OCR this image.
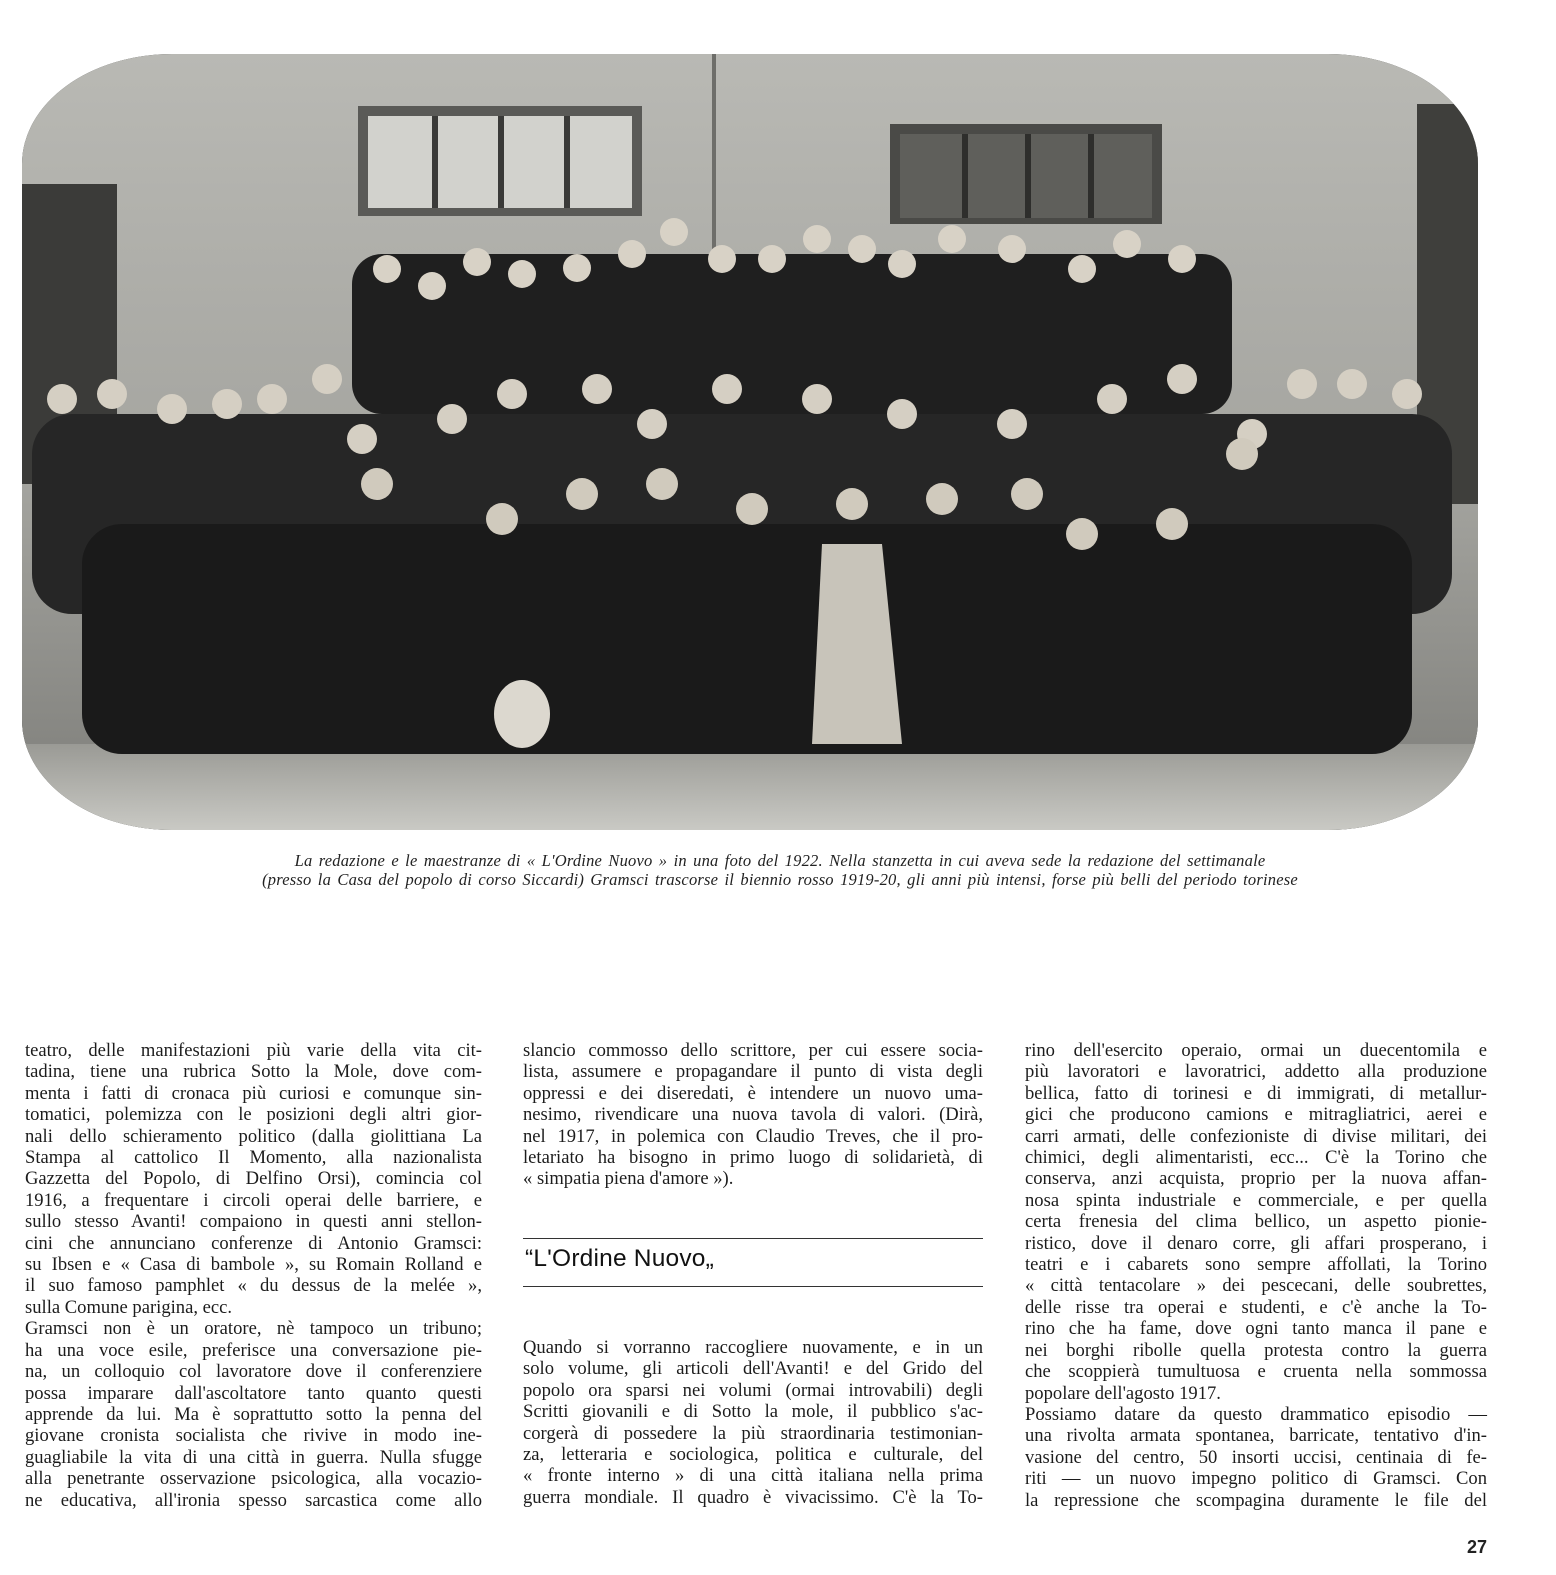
La redazione e le maestranze di « L'Ordine Nuovo » in una foto del 1922. Nella stanzetta in cui aveva sede la redazione del settimanale
(presso la Casa del popolo di corso Siccardi) Gramsci trascorse il biennio rosso 1919-20, gli anni più intensi, forse più belli del periodo torinese

teatro, delle manifestazioni più varie della vita cit-

tadina, tiene una rubrica Sotto la Mole, dove com-

menta i fatti di cronaca più curiosi e comunque sin-

tomatici, polemizza con le posizioni degli altri gior-

nali dello schieramento politico (dalla giolittiana La

Stampa al cattolico Il Momento, alla nazionalista

Gazzetta del Popolo, di Delfino Orsi), comincia col

1916, a frequentare i circoli operai delle barriere, e

sullo stesso Avanti! compaiono in questi anni stellon-

cini che annunciano conferenze di Antonio Gramsci:

su Ibsen e « Casa di bambole », su Romain Rolland e

il suo famoso pamphlet « du dessus de la melée »,

sulla Comune parigina, ecc.

Gramsci non è un oratore, nè tampoco un tribuno;

ha una voce esile, preferisce una conversazione pie-

na, un colloquio col lavoratore dove il conferenziere

possa imparare dall'ascoltatore tanto quanto questi

apprende da lui. Ma è soprattutto sotto la penna del

giovane cronista socialista che rivive in modo ine-

guagliabile la vita di una città in guerra. Nulla sfugge

alla penetrante osservazione psicologica, alla vocazio-

ne educativa, all'ironia spesso sarcastica come allo

slancio commosso dello scrittore, per cui essere socia-

lista, assumere e propagandare il punto di vista degli

oppressi e dei diseredati, è intendere un nuovo uma-

nesimo, rivendicare una nuova tavola di valori. (Dirà,

nel 1917, in polemica con Claudio Treves, che il pro-

letariato ha bisogno in primo luogo di solidarietà, di

« simpatia piena d'amore »).

“L'Ordine Nuovo„

Quando si vorranno raccogliere nuovamente, e in un

solo volume, gli articoli dell'Avanti! e del Grido del

popolo ora sparsi nei volumi (ormai introvabili) degli

Scritti giovanili e di Sotto la mole, il pubblico s'ac-

corgerà di possedere la più straordinaria testimonian-

za, letteraria e sociologica, politica e culturale, del

« fronte interno » di una città italiana nella prima

guerra mondiale. Il quadro è vivacissimo. C'è la To-

rino dell'esercito operaio, ormai un duecentomila e

più lavoratori e lavoratrici, addetto alla produzione

bellica, fatto di torinesi e di immigrati, di metallur-

gici che producono camions e mitragliatrici, aerei e

carri armati, delle confezioniste di divise militari, dei

chimici, degli alimentaristi, ecc... C'è la Torino che

conserva, anzi acquista, proprio per la nuova affan-

nosa spinta industriale e commerciale, e per quella

certa frenesia del clima bellico, un aspetto pionie-

ristico, dove il denaro corre, gli affari prosperano, i

teatri e i cabarets sono sempre affollati, la Torino

« città tentacolare » dei pescecani, delle soubrettes,

delle risse tra operai e studenti, e c'è anche la To-

rino che ha fame, dove ogni tanto manca il pane e

nei borghi ribolle quella protesta contro la guerra

che scoppierà tumultuosa e cruenta nella sommossa

popolare dell'agosto 1917.

Possiamo datare da questo drammatico episodio —

una rivolta armata spontanea, barricate, tentativo d'in-

vasione del centro, 50 insorti uccisi, centinaia di fe-

riti — un nuovo impegno politico di Gramsci. Con

la repressione che scompagina duramente le file del

27
